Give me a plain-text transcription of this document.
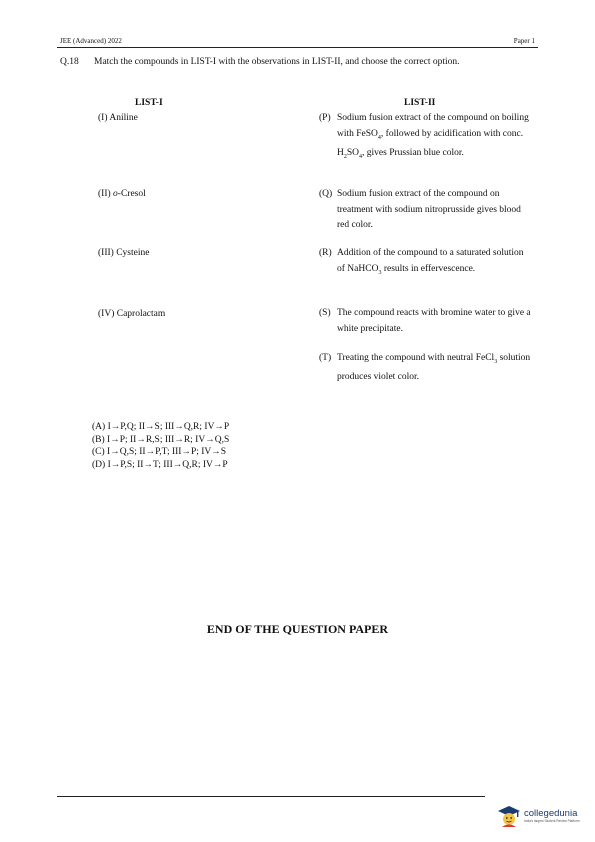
JEE (Advanced) 2022	Paper 1
Q.18 Match the compounds in LIST-I with the observations in LIST-II, and choose the correct option.
LIST-I	LIST-II
(I) Aniline
(II) o-Cresol
(III) Cysteine
(IV) Caprolactam
(P) Sodium fusion extract of the compound on boiling with FeSO$_4$, followed by acidification with conc. $H_2SO_4$, gives Prussian blue color.
(Q) Sodium fusion extract of the compound on treatment with sodium nitroprusside gives blood red color.
(R) Addition of the compound to a saturated solution of NaHCO$_3$ results in effervescence.
(S) The compound reacts with bromine water to give a white precipitate.
(T) Treating the compound with neutral FeCl$_3$ solution produces violet color.
(A) I→P,Q; II→S; III→Q,R; IV→P
(B) I→P; II→R,S; III→R; IV→Q,S
(C) I→Q,S; II→P,T; III→P; IV→S
(D) I→P,S; II→T; III→Q,R; IV→P
END OF THE QUESTION PAPER
collegedunia
India's largest Student Review Platform
